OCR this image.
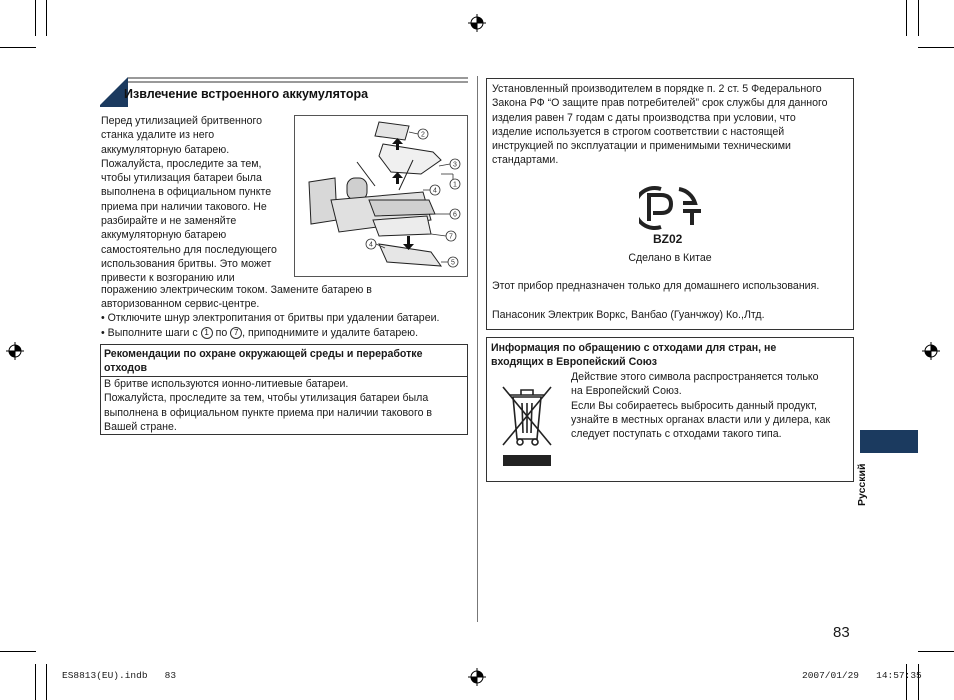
Извлечение встроенного аккумулятора
Перед утилизацией бритвенного
станка удалите из него
аккумуляторную батарею.
Пожалуйста, проследите за тем,
чтобы утилизация батареи была
выполнена в официальном пункте
приема при наличии такового. Не
разбирайте и не заменяйте
аккумуляторную батарею
самостоятельно для последующего
использования бритвы. Это может
привести к возгоранию или
2
3
1
4
6
7
4
5
поражению электрическим током. Замените батарею в
авторизованном сервис-центре.
• Отключите шнур электропитания от бритвы при удалении батареи.
• Выполните шаги с 1 по 7 , приподнимите и удалите батарею.
Рекомендации по охране окружающей среды и переработке
отходов
В бритве используются ионно-литиевые батареи.
Пожалуйста, проследите за тем, чтобы утилизация батареи была
выполнена в официальном пункте приема при наличии такового в
Вашей стране.
Установленный производителем в порядке п. 2 ст. 5 Федерального
Закона РФ “О защите прав потребителей” срок службы для данного
изделия равен 7 годам с даты производства при условии, что
изделие используется в строгом соответствии с настоящей
инструкцией по эксплуатации и применимыми техническими
стандартами.
BZ02
Сделано в Китае
Этот прибор предназначен только для домашнего использования.
Панасоник Электрик Воркс, Ванбао (Гуанчжоу) Ко.,Лтд.
Информация по обращению с отходами для стран, не
входящих в Европейский Союз
Действие этого символа распространяется только
на Европейский Союз.
Если Вы собираетесь выбросить данный продукт,
узнайте в местных органах власти или у дилера, как
следует поступать с отходами такого типа.
Русский
83
ES8813(EU).indb   83	2007/01/29   14:57:35
